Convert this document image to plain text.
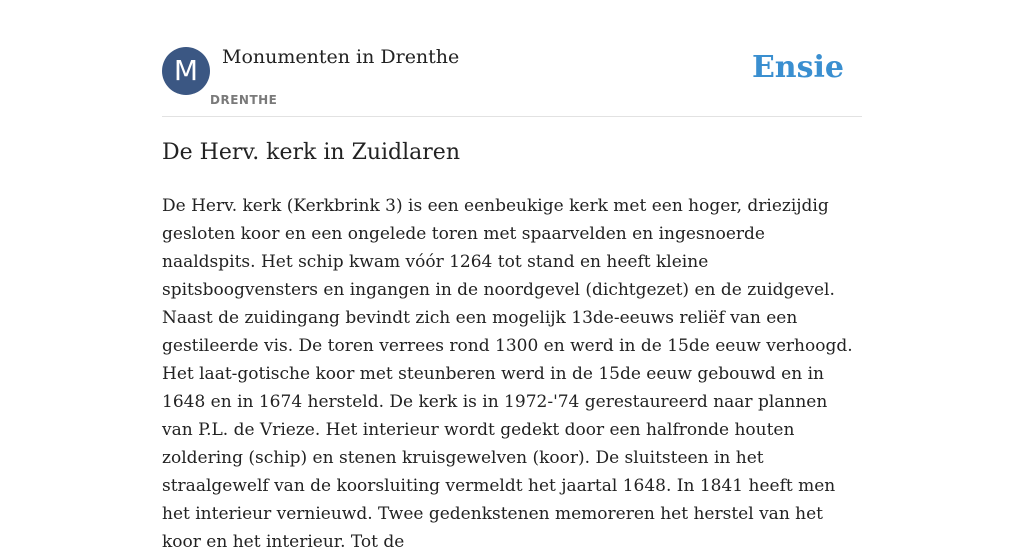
M	Monumenten in Drenthe
DRENTHE
Ensie
De Herv. kerk in Zuidlaren

De Herv. kerk (Kerkbrink 3) is een eenbeukige kerk met een hoger, driezijdig gesloten koor en een ongelede toren met spaarvelden en ingesnoerde naaldspits. Het schip kwam vóór 1264 tot stand en heeft kleine spitsboogvensters en ingangen in de noordgevel (dichtgezet) en de zuidgevel. Naast de zuidingang bevindt zich een mogelijk 13de-eeuws reliëf van een gestileerde vis. De toren verrees rond 1300 en werd in de 15de eeuw verhoogd. Het laat-gotische koor met steunberen werd in de 15de eeuw gebouwd en in 1648 en in 1674 hersteld. De kerk is in 1972-'74 gerestaureerd naar plannen van P.L. de Vrieze. Het interieur wordt gedekt door een halfronde houten zoldering (schip) en stenen kruisgewelven (koor). De sluitsteen in het straalgewelf van de koorsluiting vermeldt het jaartal 1648. In 1841 heeft men het interieur vernieuwd. Twee gedenkstenen memoreren het herstel van het koor en het interieur. Tot de
